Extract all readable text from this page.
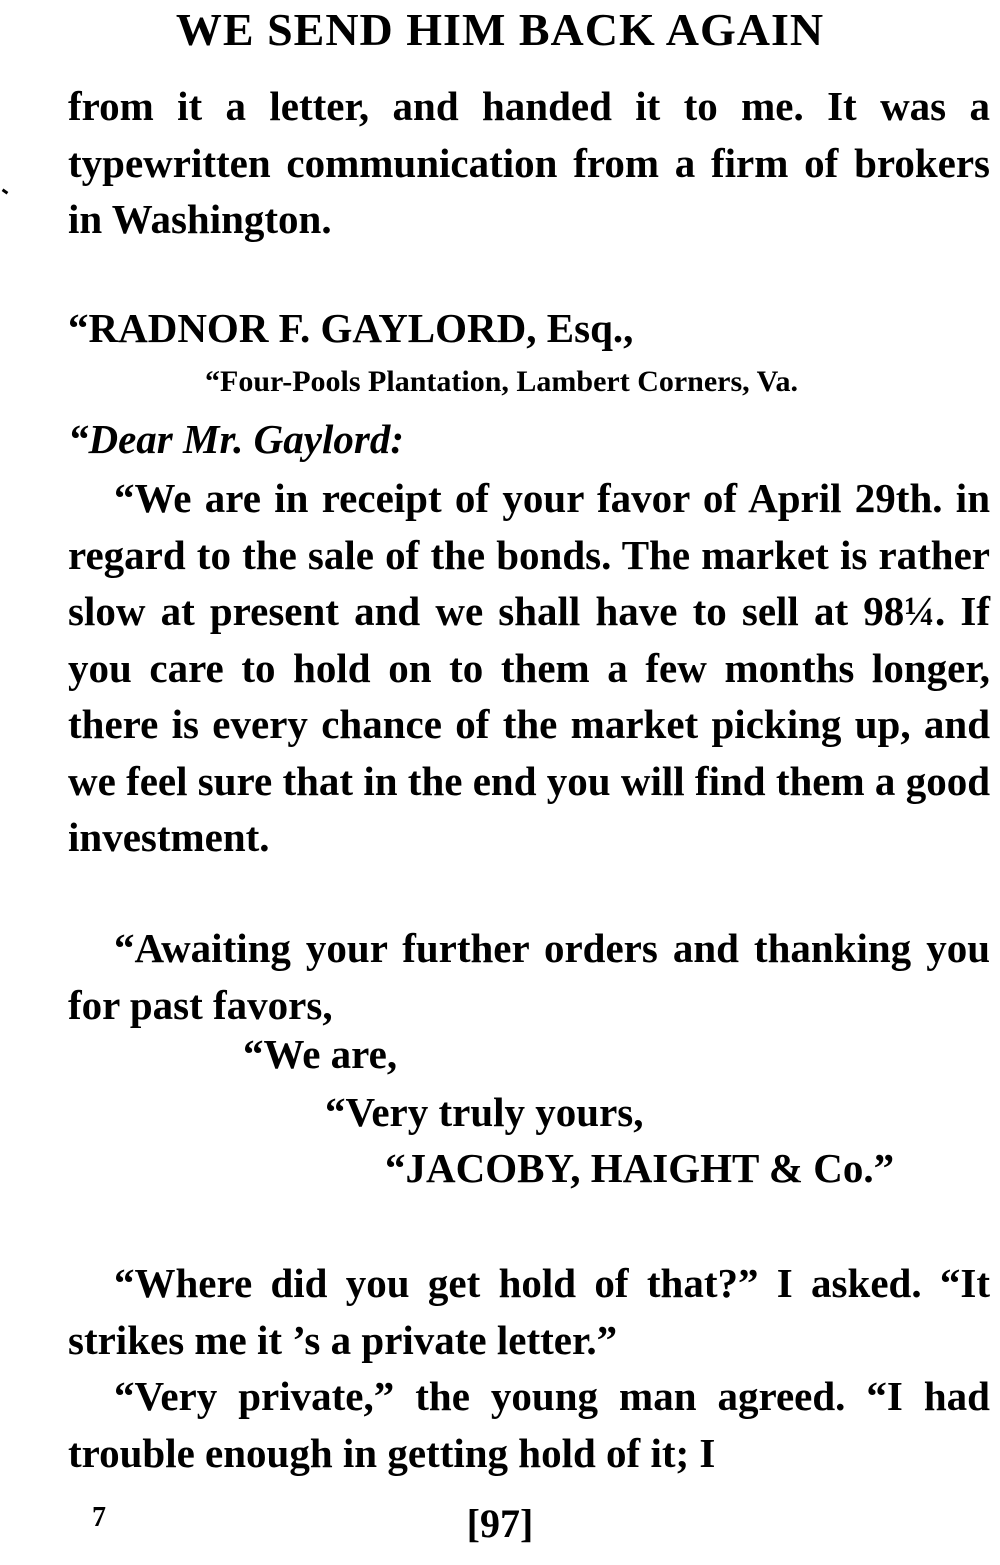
WE SEND HIM BACK AGAIN

from it a letter, and handed it to me. It was a typewritten communication from a firm of brokers in Washington.

“RADNOR F. GAYLORD, Esq.,
“Four-Pools Plantation, Lambert Corners, Va.
“Dear Mr. Gaylord:

“We are in receipt of your favor of April 29th. in regard to the sale of the bonds. The market is rather slow at present and we shall have to sell at 98¼. If you care to hold on to them a few months longer, there is every chance of the market picking up, and we feel sure that in the end you will find them a good investment.

“Awaiting your further orders and thanking you for past favors,

“We are,
“Very truly yours,
“JACOBY, HAIGHT & Co.”

“Where did you get hold of that?” I asked. “It strikes me it ’s a private letter.”

“Very private,” the young man agreed. “I had trouble enough in getting hold of it; I

7	[97]
